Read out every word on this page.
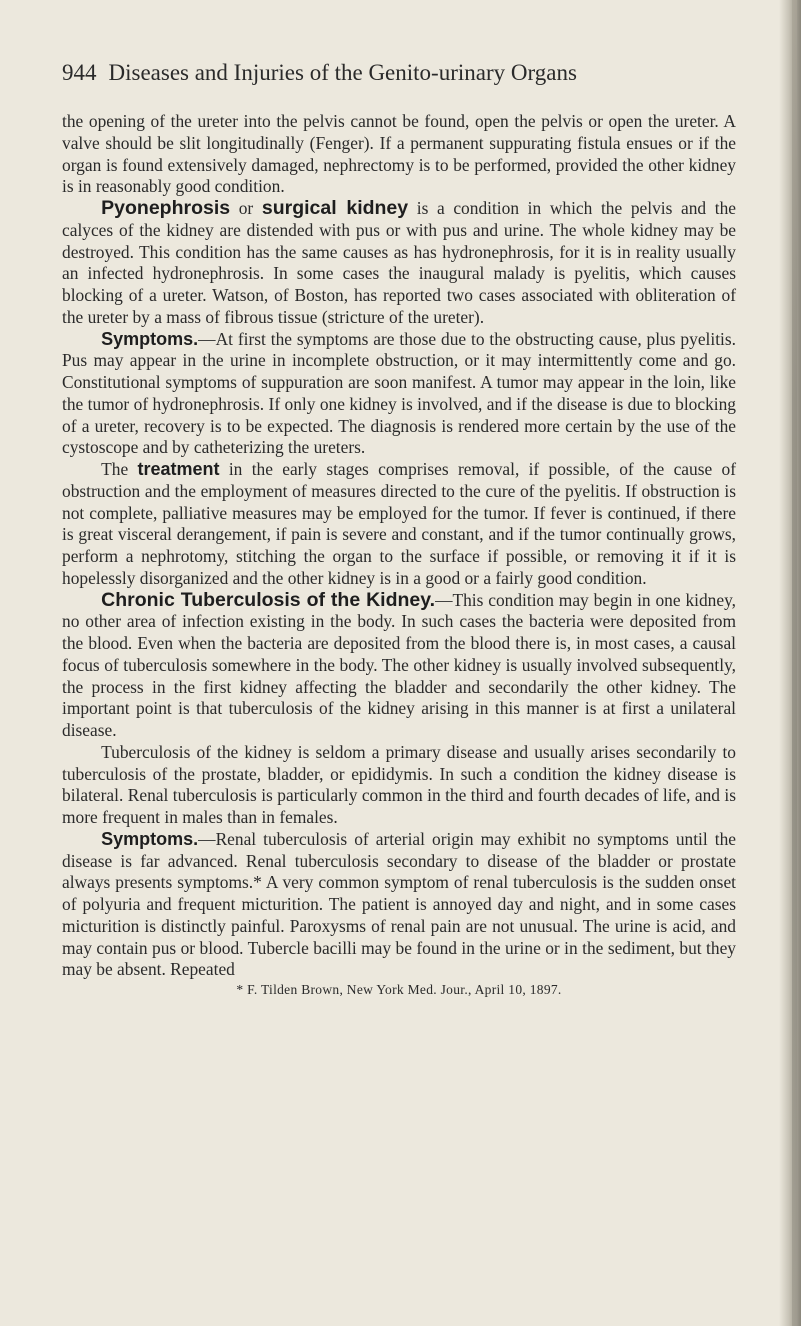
944 Diseases and Injuries of the Genito-urinary Organs

the opening of the ureter into the pelvis cannot be found, open the pelvis or open the ureter. A valve should be slit longitudinally (Fenger). If a permanent suppurating fistula ensues or if the organ is found extensively damaged, nephrectomy is to be performed, provided the other kidney is in reasonably good condition.

Pyonephrosis or surgical kidney is a condition in which the pelvis and the calyces of the kidney are distended with pus or with pus and urine. The whole kidney may be destroyed. This condition has the same causes as has hydronephrosis, for it is in reality usually an infected hydronephrosis. In some cases the inaugural malady is pyelitis, which causes blocking of a ureter. Watson, of Boston, has reported two cases associated with obliteration of the ureter by a mass of fibrous tissue (stricture of the ureter).

Symptoms.—At first the symptoms are those due to the obstructing cause, plus pyelitis. Pus may appear in the urine in incomplete obstruction, or it may intermittently come and go. Constitutional symptoms of suppuration are soon manifest. A tumor may appear in the loin, like the tumor of hydronephrosis. If only one kidney is involved, and if the disease is due to blocking of a ureter, recovery is to be expected. The diagnosis is rendered more certain by the use of the cystoscope and by catheterizing the ureters.

The treatment in the early stages comprises removal, if possible, of the cause of obstruction and the employment of measures directed to the cure of the pyelitis. If obstruction is not complete, palliative measures may be employed for the tumor. If fever is continued, if there is great visceral derangement, if pain is severe and constant, and if the tumor continually grows, perform a nephrotomy, stitching the organ to the surface if possible, or removing it if it is hopelessly disorganized and the other kidney is in a good or a fairly good condition.

Chronic Tuberculosis of the Kidney.—This condition may begin in one kidney, no other area of infection existing in the body. In such cases the bacteria were deposited from the blood. Even when the bacteria are deposited from the blood there is, in most cases, a causal focus of tuberculosis somewhere in the body. The other kidney is usually involved subsequently, the process in the first kidney affecting the bladder and secondarily the other kidney. The important point is that tuberculosis of the kidney arising in this manner is at first a unilateral disease.

Tuberculosis of the kidney is seldom a primary disease and usually arises secondarily to tuberculosis of the prostate, bladder, or epididymis. In such a condition the kidney disease is bilateral. Renal tuberculosis is particularly common in the third and fourth decades of life, and is more frequent in males than in females.

Symptoms.—Renal tuberculosis of arterial origin may exhibit no symptoms until the disease is far advanced. Renal tuberculosis secondary to disease of the bladder or prostate always presents symptoms.* A very common symptom of renal tuberculosis is the sudden onset of polyuria and frequent micturition. The patient is annoyed day and night, and in some cases micturition is distinctly painful. Paroxysms of renal pain are not unusual. The urine is acid, and may contain pus or blood. Tubercle bacilli may be found in the urine or in the sediment, but they may be absent. Repeated

* F. Tilden Brown, New York Med. Jour., April 10, 1897.
